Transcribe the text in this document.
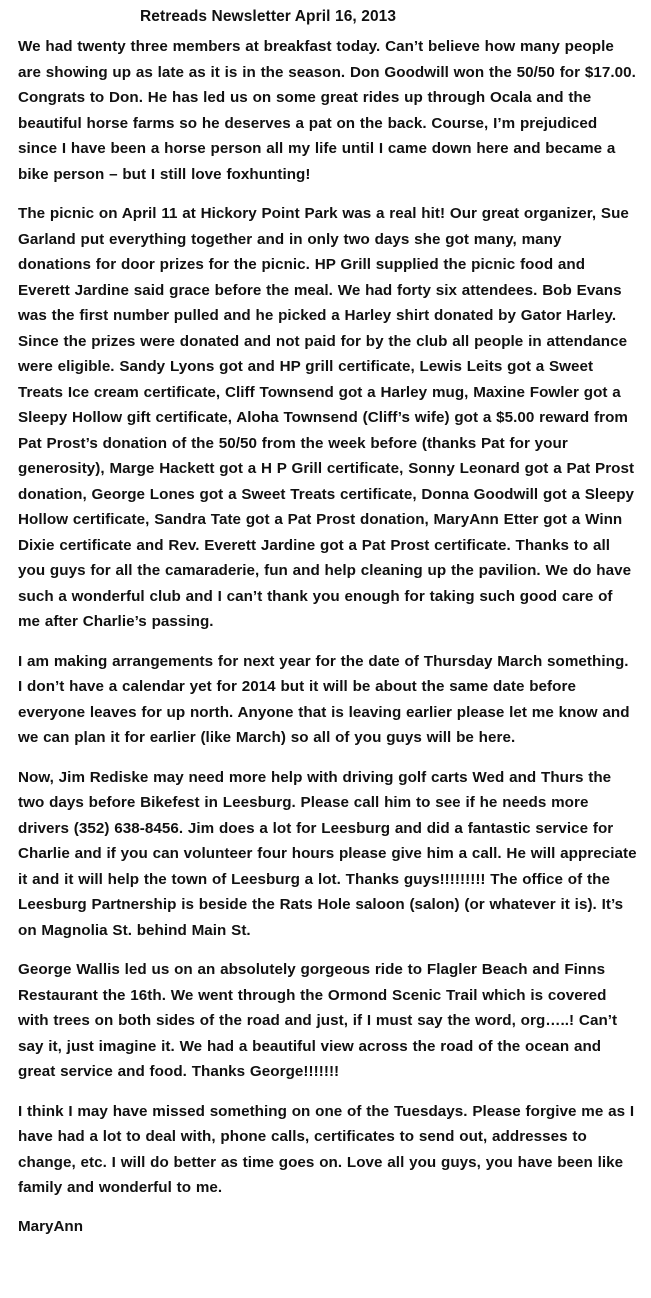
Retreads Newsletter April 16, 2013

We had twenty three members at breakfast today. Can’t believe how many people are showing up as late as it is in the season. Don Goodwill won the 50/50 for $17.00. Congrats to Don. He has led us on some great rides up through Ocala and the beautiful horse farms so he deserves a pat on the back. Course, I’m prejudiced since I have been a horse person all my life until I came down here and became a bike person – but I still love foxhunting!

The picnic on April 11 at Hickory Point Park was a real hit! Our great organizer, Sue Garland put everything together and in only two days she got many, many donations for door prizes for the picnic. HP Grill supplied the picnic food and Everett Jardine said grace before the meal. We had forty six attendees. Bob Evans was the first number pulled and he picked a Harley shirt donated by Gator Harley. Since the prizes were donated and not paid for by the club all people in attendance were eligible. Sandy Lyons got and HP grill certificate, Lewis Leits got a Sweet Treats Ice cream certificate, Cliff Townsend got a Harley mug, Maxine Fowler got a Sleepy Hollow gift certificate, Aloha Townsend (Cliff’s wife) got a $5.00 reward from Pat Prost’s donation of the 50/50 from the week before (thanks Pat for your generosity), Marge Hackett got a H P Grill certificate, Sonny Leonard got a Pat Prost donation, George Lones got a Sweet Treats certificate, Donna Goodwill got a Sleepy Hollow certificate, Sandra Tate got a Pat Prost donation, MaryAnn Etter got a Winn Dixie certificate and Rev. Everett Jardine got a Pat Prost certificate. Thanks to all you guys for all the camaraderie, fun and help cleaning up the pavilion. We do have such a wonderful club and I can’t thank you enough for taking such good care of me after Charlie’s passing.

I am making arrangements for next year for the date of Thursday March something. I don’t have a calendar yet for 2014 but it will be about the same date before everyone leaves for up north. Anyone that is leaving earlier please let me know and we can plan it for earlier (like March) so all of you guys will be here.

Now, Jim Rediske may need more help with driving golf carts Wed and Thurs the two days before Bikefest in Leesburg. Please call him to see if he needs more drivers (352) 638-8456. Jim does a lot for Leesburg and did a fantastic service for Charlie and if you can volunteer four hours please give him a call. He will appreciate it and it will help the town of Leesburg a lot. Thanks guys!!!!!!!!! The office of the Leesburg Partnership is beside the Rats Hole saloon (salon) (or whatever it is). It’s on Magnolia St. behind Main St.

George Wallis led us on an absolutely gorgeous ride to Flagler Beach and Finns Restaurant the 16th. We went through the Ormond Scenic Trail which is covered with trees on both sides of the road and just, if I must say the word, org…..! Can’t say it, just imagine it. We had a beautiful view across the road of the ocean and great service and food. Thanks George!!!!!!!

I think I may have missed something on one of the Tuesdays. Please forgive me as I have had a lot to deal with, phone calls, certificates to send out, addresses to change, etc. I will do better as time goes on. Love all you guys, you have been like family and wonderful to me.

MaryAnn
